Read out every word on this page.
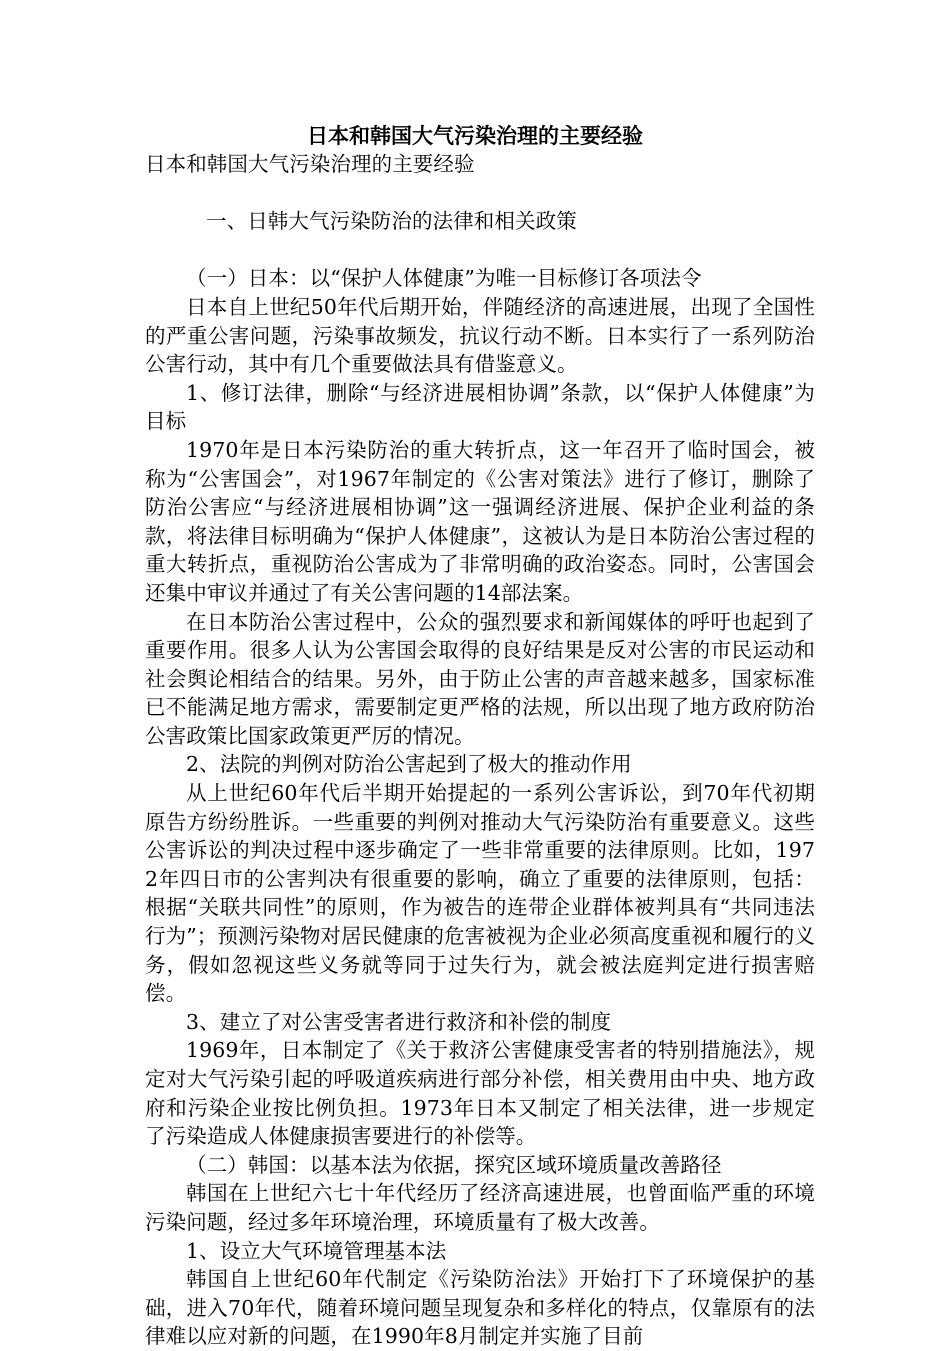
日本和韩国大气污染治理的主要经验

日本和韩国大气污染治理的主要经验

一、日韩大气污染防治的法律和相关政策

（一）日本：以“保护人体健康”为唯一目标修订各项法令

日本自上世纪50年代后期开始，伴随经济的高速进展，出现了全国性的严重公害问题，污染事故频发，抗议行动不断。日本实行了一系列防治公害行动，其中有几个重要做法具有借鉴意义。

1、修订法律，删除“与经济进展相协调”条款，以“保护人体健康”为目标

1970年是日本污染防治的重大转折点，这一年召开了临时国会，被称为“公害国会”，对1967年制定的《公害对策法》进行了修订，删除了防治公害应“与经济进展相协调”这一强调经济进展、保护企业利益的条款，将法律目标明确为“保护人体健康”，这被认为是日本防治公害过程的重大转折点，重视防治公害成为了非常明确的政治姿态。同时，公害国会还集中审议并通过了有关公害问题的14部法案。

在日本防治公害过程中，公众的强烈要求和新闻媒体的呼吁也起到了重要作用。很多人认为公害国会取得的良好结果是反对公害的市民运动和社会舆论相结合的结果。另外，由于防止公害的声音越来越多，国家标准已不能满足地方需求，需要制定更严格的法规，所以出现了地方政府防治公害政策比国家政策更严厉的情况。

2、法院的判例对防治公害起到了极大的推动作用

从上世纪60年代后半期开始提起的一系列公害诉讼，到70年代初期原告方纷纷胜诉。一些重要的判例对推动大气污染防治有重要意义。这些公害诉讼的判决过程中逐步确定了一些非常重要的法律原则。比如，1972年四日市的公害判决有很重要的影响，确立了重要的法律原则，包括：根据“关联共同性”的原则，作为被告的连带企业群体被判具有“共同违法行为”；预测污染物对居民健康的危害被视为企业必须高度重视和履行的义务，假如忽视这些义务就等同于过失行为，就会被法庭判定进行损害赔偿。

3、建立了对公害受害者进行救济和补偿的制度

1969年，日本制定了《关于救济公害健康受害者的特别措施法》，规定对大气污染引起的呼吸道疾病进行部分补偿，相关费用由中央、地方政府和污染企业按比例负担。1973年日本又制定了相关法律，进一步规定了污染造成人体健康损害要进行的补偿等。

（二）韩国：以基本法为依据，探究区域环境质量改善路径

韩国在上世纪六七十年代经历了经济高速进展，也曾面临严重的环境污染问题，经过多年环境治理，环境质量有了极大改善。

1、设立大气环境管理基本法

韩国自上世纪60年代制定《污染防治法》开始打下了环境保护的基础，进入70年代，随着环境问题呈现复杂和多样化的特点，仅靠原有的法律难以应对新的问题，在1990年8月制定并实施了目前
